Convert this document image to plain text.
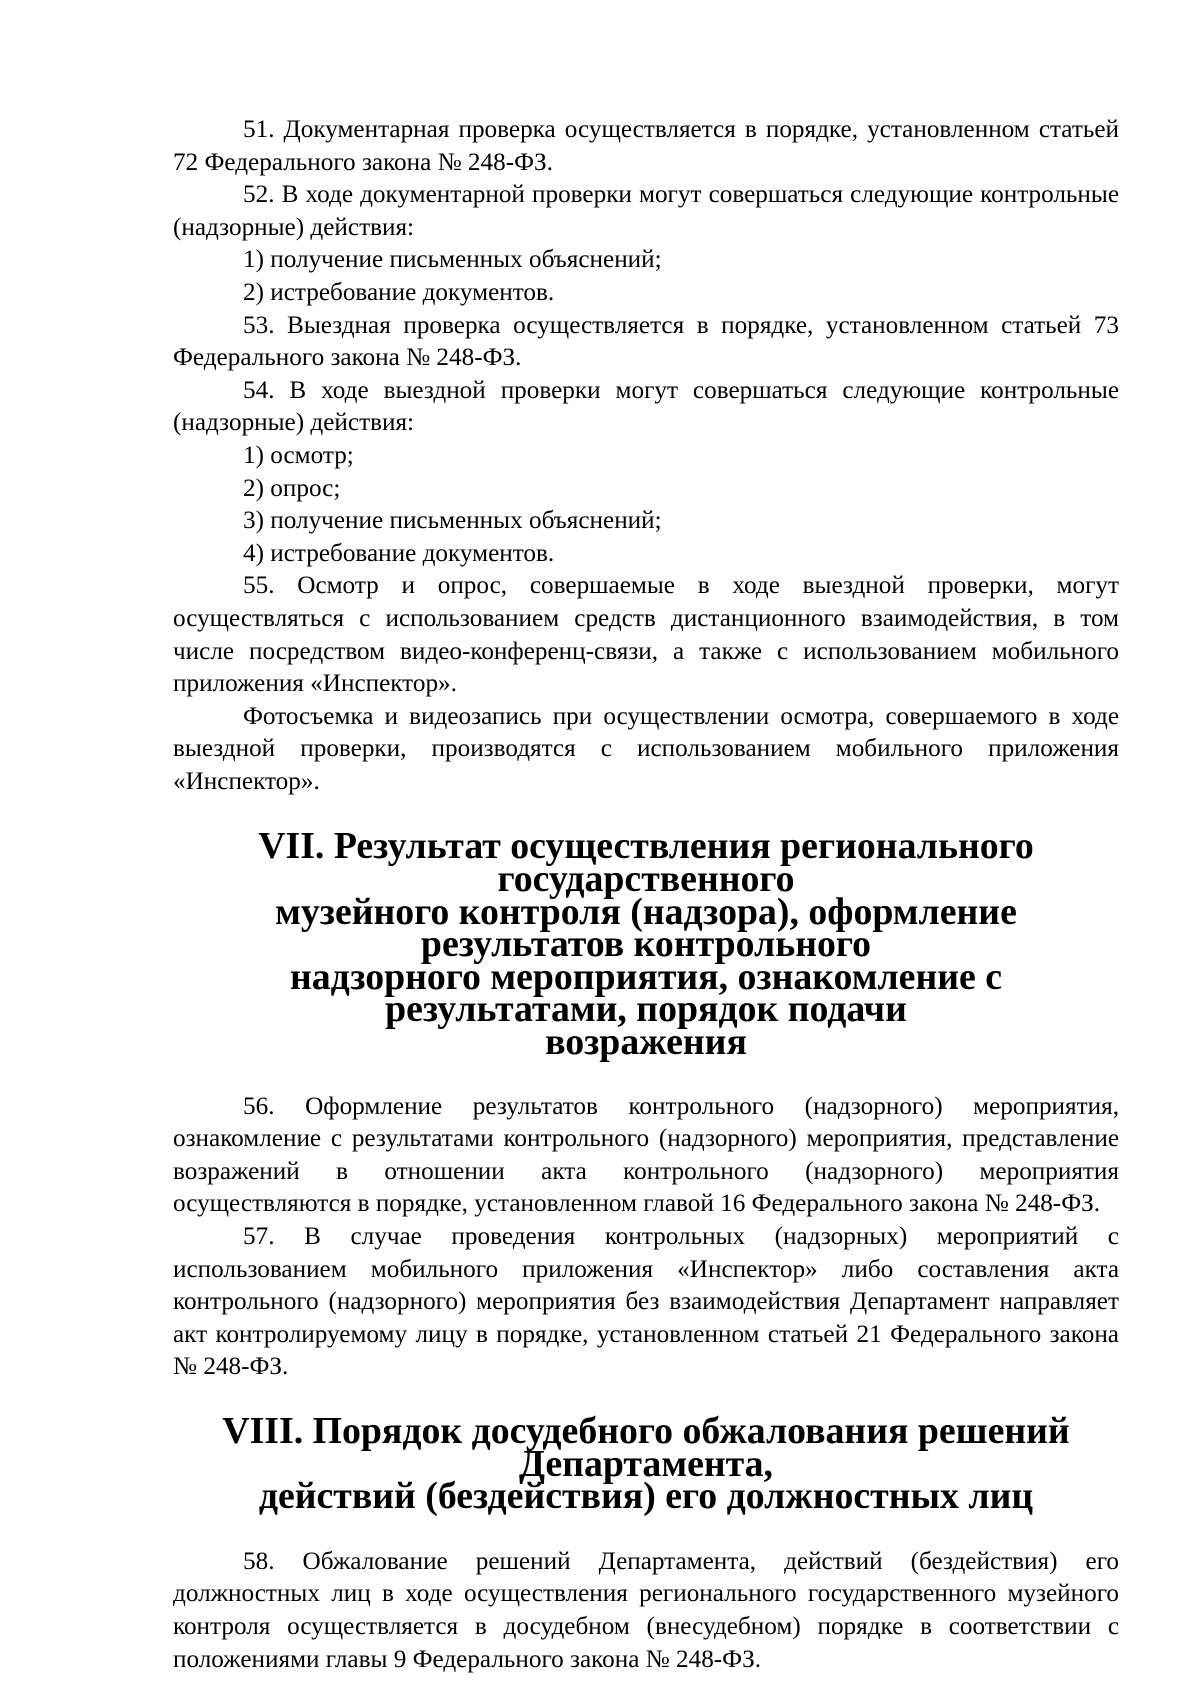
51. Документарная проверка осуществляется в порядке, установленном статьей 72 Федерального закона № 248-ФЗ.

52. В ходе документарной проверки могут совершаться следующие контрольные (надзорные) действия:

1) получение письменных объяснений;

2) истребование документов.

53. Выездная проверка осуществляется в порядке, установленном статьей 73 Федерального закона № 248-ФЗ.

54. В ходе выездной проверки могут совершаться следующие контрольные (надзорные) действия:

1) осмотр;

2) опрос;

3) получение письменных объяснений;

4) истребование документов.

55. Осмотр и опрос, совершаемые в ходе выездной проверки, могут осуществляться с использованием средств дистанционного взаимодействия, в том числе посредством видео-конференц-связи, а также с использованием мобильного приложения «Инспектор».

Фотосъемка и видеозапись при осуществлении осмотра, совершаемого в ходе выездной проверки, производятся с использованием мобильного приложения «Инспектор».

VII. Результат осуществления регионального государственного
музейного контроля (надзора), оформление результатов контрольного
надзорного мероприятия, ознакомление с результатами, порядок подачи
возражения

56. Оформление результатов контрольного (надзорного) мероприятия, ознакомление с результатами контрольного (надзорного) мероприятия, представление возражений в отношении акта контрольного (надзорного) мероприятия осуществляются в порядке, установленном главой 16 Федерального закона № 248-ФЗ.

57. В случае проведения контрольных (надзорных) мероприятий с использованием мобильного приложения «Инспектор» либо составления акта контрольного (надзорного) мероприятия без взаимодействия Департамент направляет акт контролируемому лицу в порядке, установленном статьей 21 Федерального закона № 248-ФЗ.

VIII. Порядок досудебного обжалования решений Департамента,
действий (бездействия) его должностных лиц

58. Обжалование решений Департамента, действий (бездействия) его должностных лиц в ходе осуществления регионального государственного музейного контроля осуществляется в досудебном (внесудебном) порядке в соответствии с положениями главы 9 Федерального закона № 248-ФЗ.
